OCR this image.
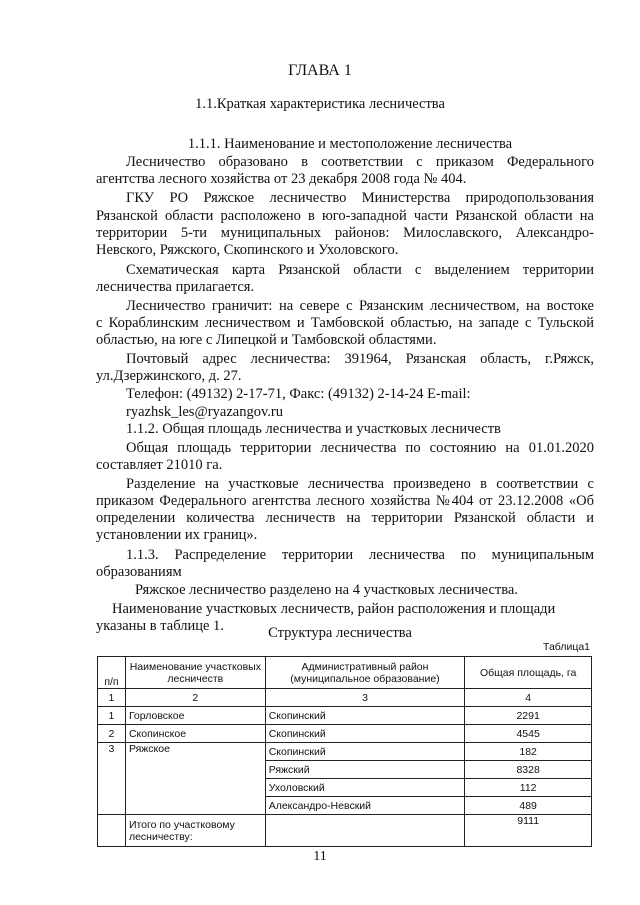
ГЛАВА 1
1.1.Краткая характеристика лесничества
1.1.1. Наименование и местоположение лесничества
Лесничество образовано в соответствии с приказом Федерального
агентства лесного хозяйства от 23 декабря 2008 года № 404.
ГКУ РО Ряжское лесничество Министерства природопользования
Рязанской области расположено в юго-западной части Рязанской области на
территории 5-ти муниципальных районов: Милославского, Александро-
Невского, Ряжского, Скопинского и Ухоловского.
Схематическая карта Рязанской области с выделением территории
лесничества прилагается.
Лесничество граничит: на севере с Рязанским лесничеством, на востоке
с Кораблинским лесничеством и Тамбовской областью, на западе с Тульской
областью, на юге с Липецкой и Тамбовской областями.
Почтовый адрес лесничества: 391964, Рязанская область, г.Ряжск,
ул.Дзержинского, д. 27.
Телефон: (49132) 2-17-71, Факс: (49132) 2-14-24 E-mail:
ryazhsk_les@ryazangov.ru
1.1.2. Общая площадь лесничества и участковых лесничеств
Общая площадь территории лесничества по состоянию на 01.01.2020
составляет 21010 га.
Разделение на участковые лесничества произведено в соответствии с
приказом Федерального агентства лесного хозяйства №404 от 23.12.2008 «Об
определении количества лесничеств на территории Рязанской области и
установлении их границ».
1.1.3. Распределение территории лесничества по муниципальным
образованиям
Ряжское лесничество разделено на 4 участковых лесничества.
Наименование участковых лесничеств, район расположения и площади
указаны в таблице 1.	Структура лесничества
Таблица1
п/п	Наименование участковых лесничеств	Административный район (муниципальное образование)	Общая площадь, га
1	2	3	4
1	Горловское	Скопинский	2291
2	Скопинское	Скопинский	4545
3	Ряжское	Скопинский	182
		Ряжский	8328
		Ухоловский	112
		Александро-Невский	489
	Итого по участковому лесничеству:		9111
11
